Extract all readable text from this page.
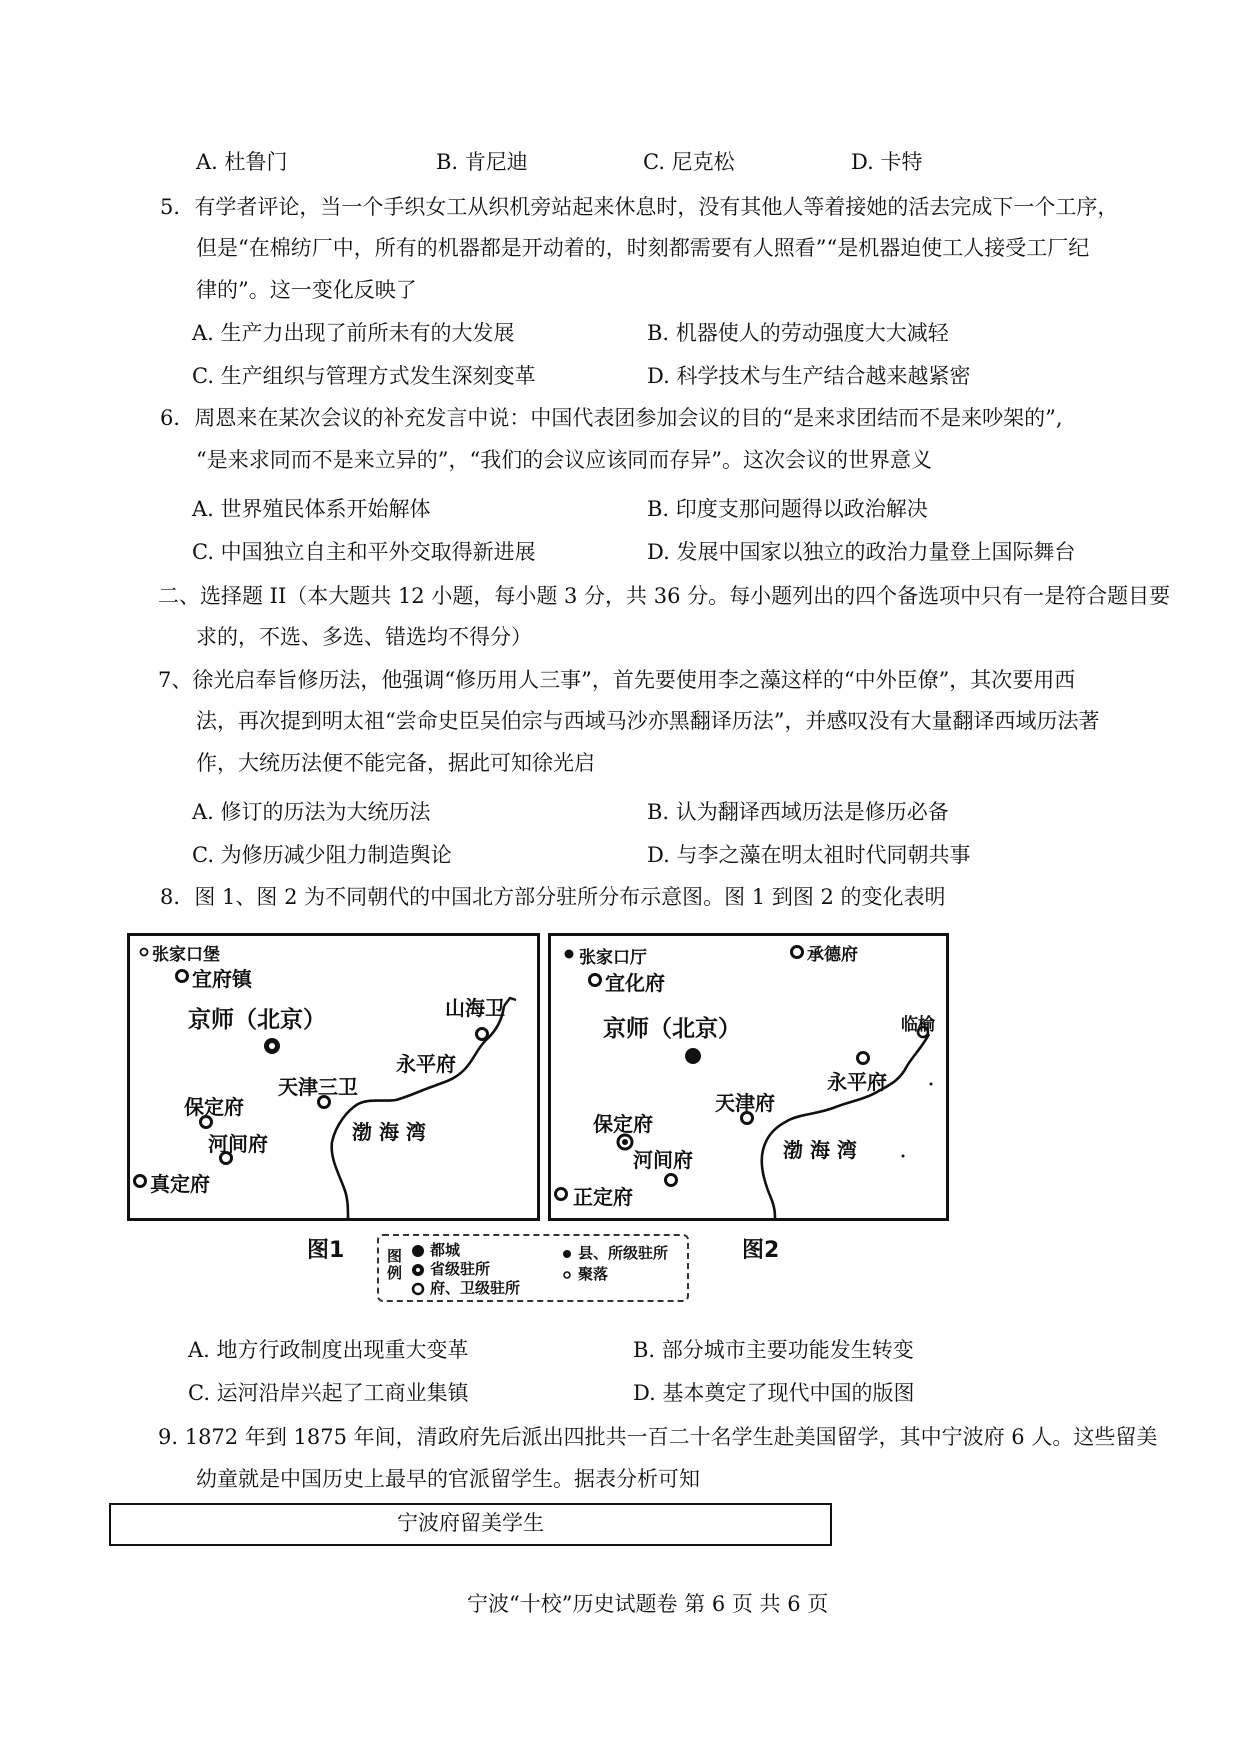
A. 杜鲁门	B. 肯尼迪	C. 尼克松	D. 卡特
5．有学者评论，当一个手织女工从织机旁站起来休息时，没有其他人等着接她的活去完成下一个工序，
但是“在棉纺厂中，所有的机器都是开动着的，时刻都需要有人照看”“是机器迫使工人接受工厂纪
律的”。这一变化反映了
A. 生产力出现了前所未有的大发展	B. 机器使人的劳动强度大大减轻
C. 生产组织与管理方式发生深刻变革	D. 科学技术与生产结合越来越紧密
6．周恩来在某次会议的补充发言中说：中国代表团参加会议的目的“是来求团结而不是来吵架的”,
“是来求同而不是来立异的”，“我们的会议应该同而存异”。这次会议的世界意义
A. 世界殖民体系开始解体	B. 印度支那问题得以政治解决
C. 中国独立自主和平外交取得新进展	D. 发展中国家以独立的政治力量登上国际舞台
二、选择题 II（本大题共 12 小题，每小题 3 分，共 36 分。每小题列出的四个备选项中只有一是符合题目要
求的，不选、多选、错选均不得分）
7、徐光启奉旨修历法，他强调“修历用人三事”，首先要使用李之藻这样的“中外臣僚”，其次要用西
法，再次提到明太祖“尝命史臣吴伯宗与西域马沙亦黑翻译历法”，并感叹没有大量翻译西域历法著
作，大统历法便不能完备，据此可知徐光启
A. 修订的历法为大统历法	B. 认为翻译西域历法是修历必备
C. 为修历减少阻力制造舆论	D. 与李之藻在明太祖时代同朝共事
8．图 1、图 2 为不同朝代的中国北方部分驻所分布示意图。图 1 到图 2 的变化表明
张家口堡
宜府镇
京师（北京）	山海卫
永平府
天津三卫
保定府
河间府
真定府
渤 海 湾
图1
张家口厅	承德府
宜化府
京师（北京）	临榆
永平府
天津府
保定府
河间府
正定府
渤 海 湾
图2
图例
都城
省级驻所
府、卫级驻所
县、所级驻所
聚落
A. 地方行政制度出现重大变革	B. 部分城市主要功能发生转变
C. 运河沿岸兴起了工商业集镇	D. 基本奠定了现代中国的版图
9. 1872 年到 1875 年间，清政府先后派出四批共一百二十名学生赴美国留学，其中宁波府 6 人。这些留美
幼童就是中国历史上最早的官派留学生。据表分析可知
宁波府留美学生
宁波“十校”历史试题卷 第 6 页 共 6 页
